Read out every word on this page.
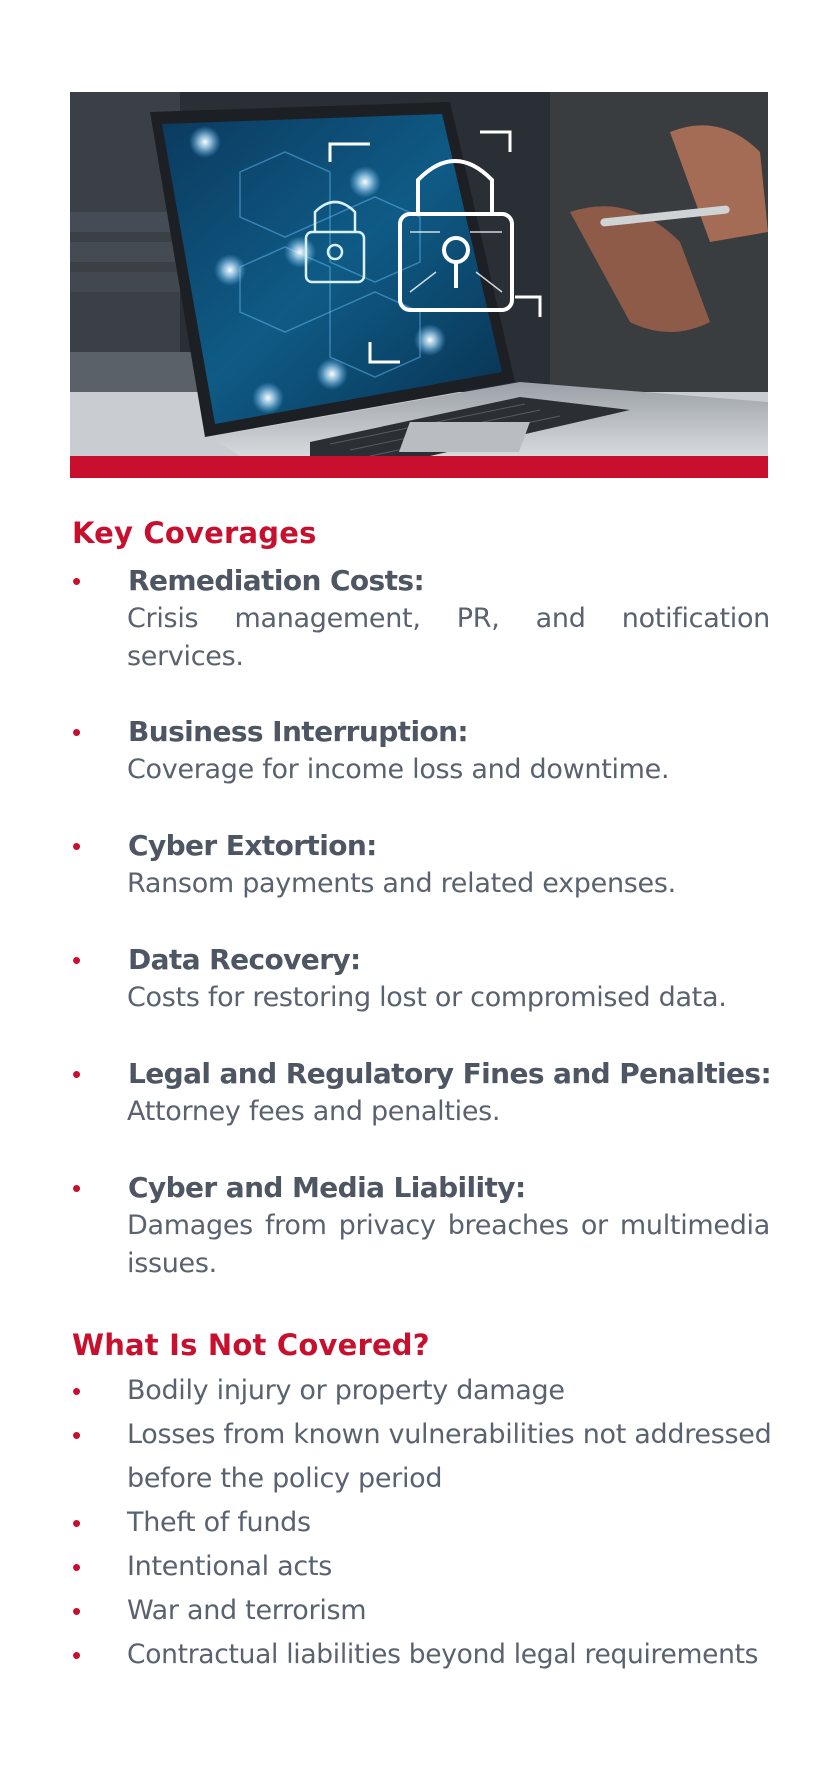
Key Coverages
• Remediation Costs:
Crisis management, PR, and notification services.
• Business Interruption:
Coverage for income loss and downtime.
• Cyber Extortion:
Ransom payments and related expenses.
• Data Recovery:
Costs for restoring lost or compromised data.
• Legal and Regulatory Fines and Penalties:
Attorney fees and penalties.
• Cyber and Media Liability:
Damages from privacy breaches or multimedia issues.
What Is Not Covered?
• Bodily injury or property damage
• Losses from known vulnerabilities not addressed before the policy period
• Theft of funds
• Intentional acts
• War and terrorism
• Contractual liabilities beyond legal requirements
